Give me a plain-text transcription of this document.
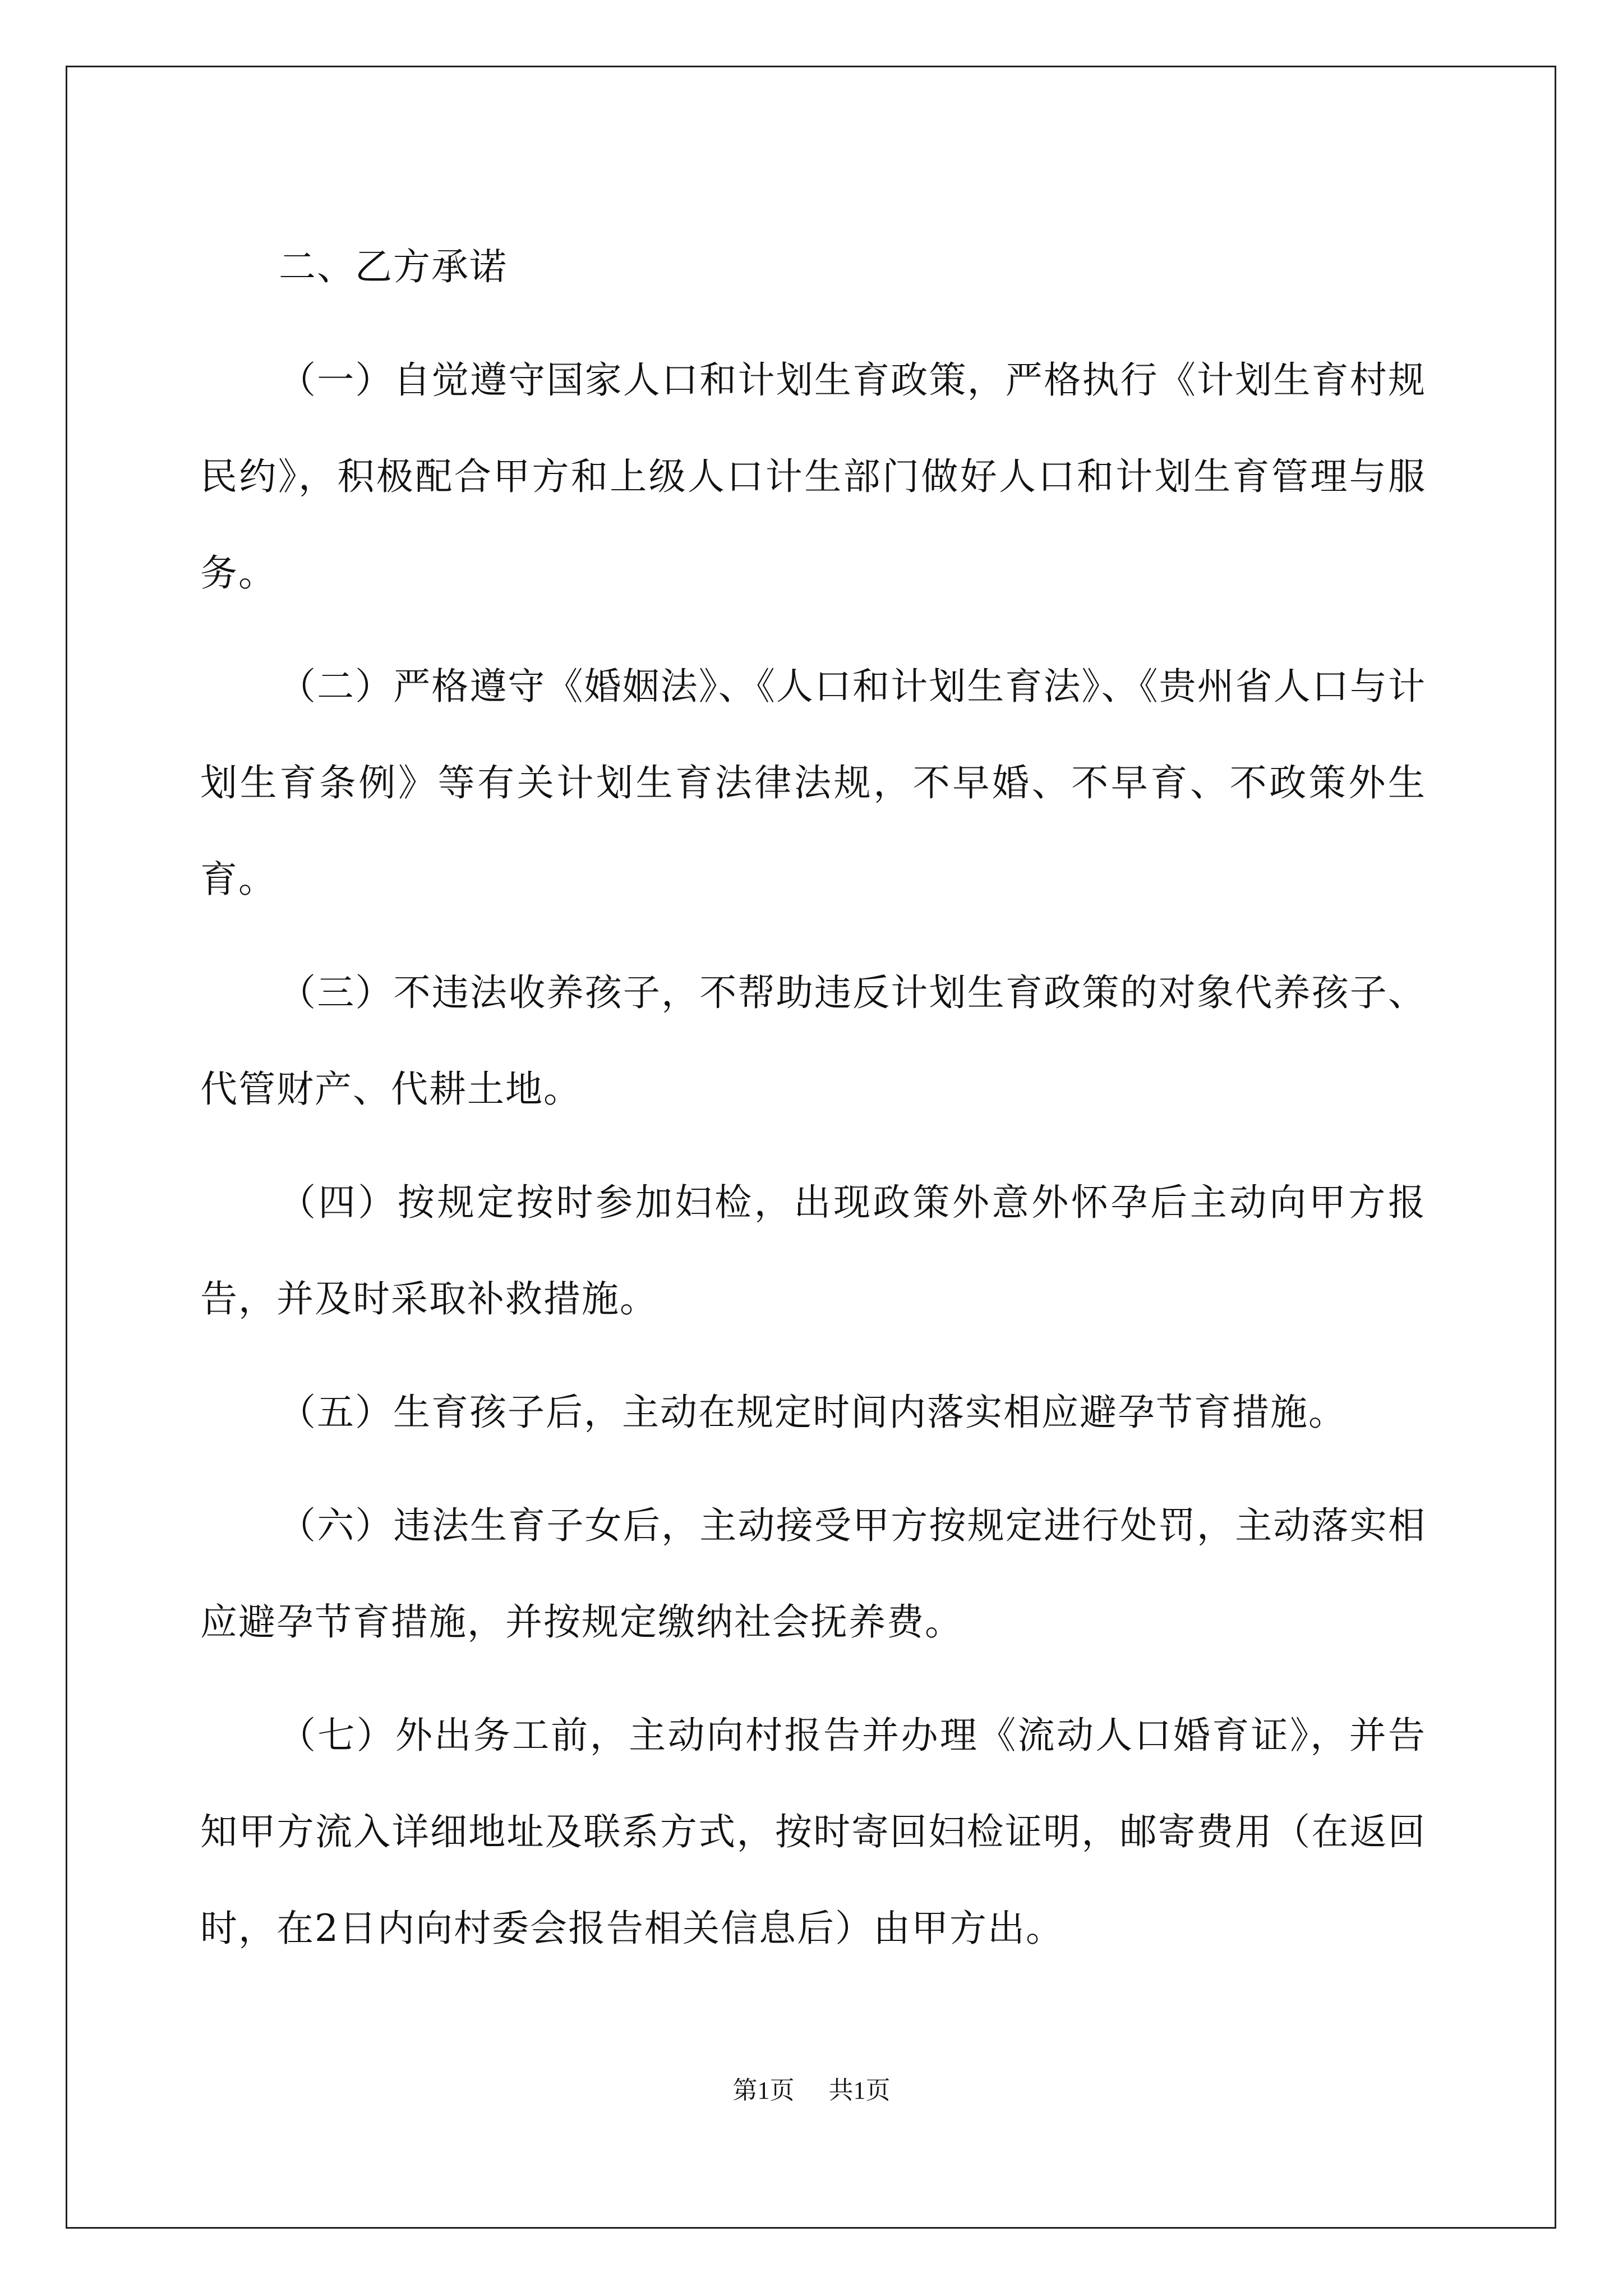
二、乙方承诺

（一）自觉遵守国家人口和计划生育政策，严格执行《计划生育村规民约》，积极配合甲方和上级人口计生部门做好人口和计划生育管理与服务。

（二）严格遵守《婚姻法》、《人口和计划生育法》、《贵州省人口与计划生育条例》等有关计划生育法律法规，不早婚、不早育、不政策外生育。

（三）不违法收养孩子，不帮助违反计划生育政策的对象代养孩子、代管财产、代耕土地。

（四）按规定按时参加妇检，出现政策外意外怀孕后主动向甲方报告，并及时采取补救措施。

（五）生育孩子后，主动在规定时间内落实相应避孕节育措施。

（六）违法生育子女后，主动接受甲方按规定进行处罚，主动落实相应避孕节育措施，并按规定缴纳社会抚养费。

（七）外出务工前，主动向村报告并办理《流动人口婚育证》，并告知甲方流入详细地址及联系方式，按时寄回妇检证明，邮寄费用（在返回时，在2日内向村委会报告相关信息后）由甲方出。

第1页 共1页
